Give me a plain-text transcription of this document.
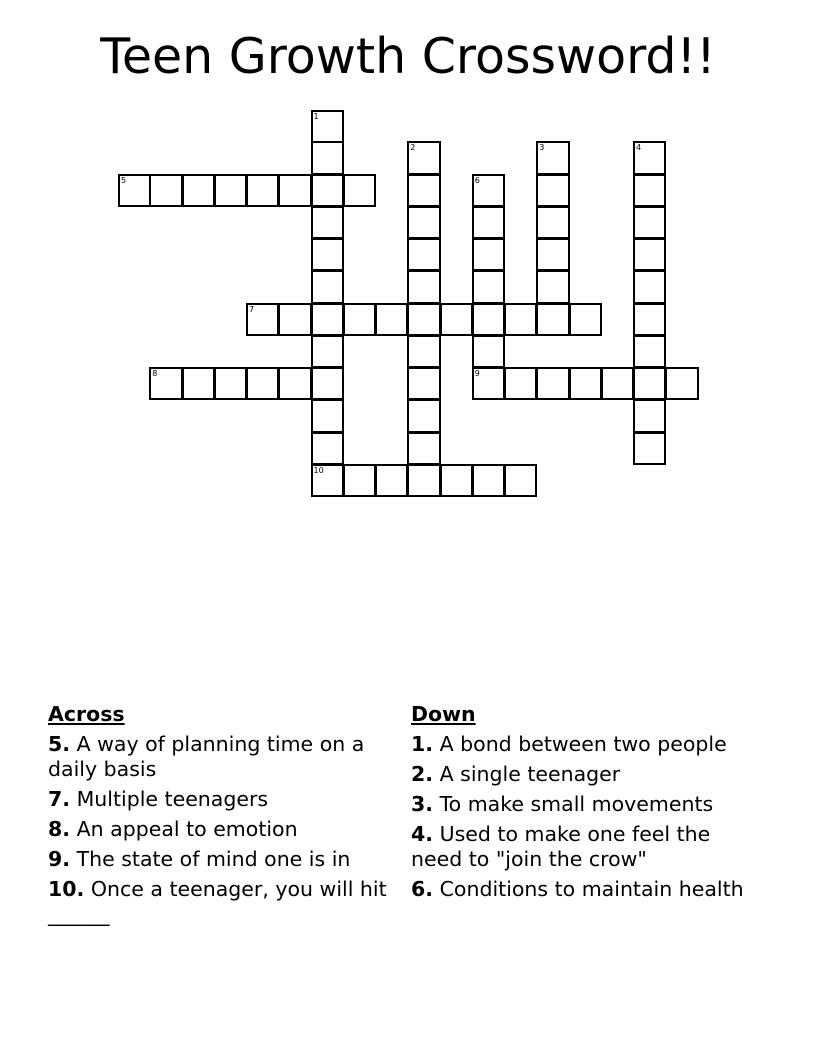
Teen Growth Crossword!!
1
10
2	3	4
5	6
9
7
8
Across
5. A way of planning time on a daily basis
7. Multiple teenagers
8. An appeal to emotion
9. The state of mind one is in
10. Once a teenager, you will hit ______
Down
1. A bond between two people
2. A single teenager
3. To make small movements
4. Used to make one feel the need to "join the crow"
6. Conditions to maintain health
